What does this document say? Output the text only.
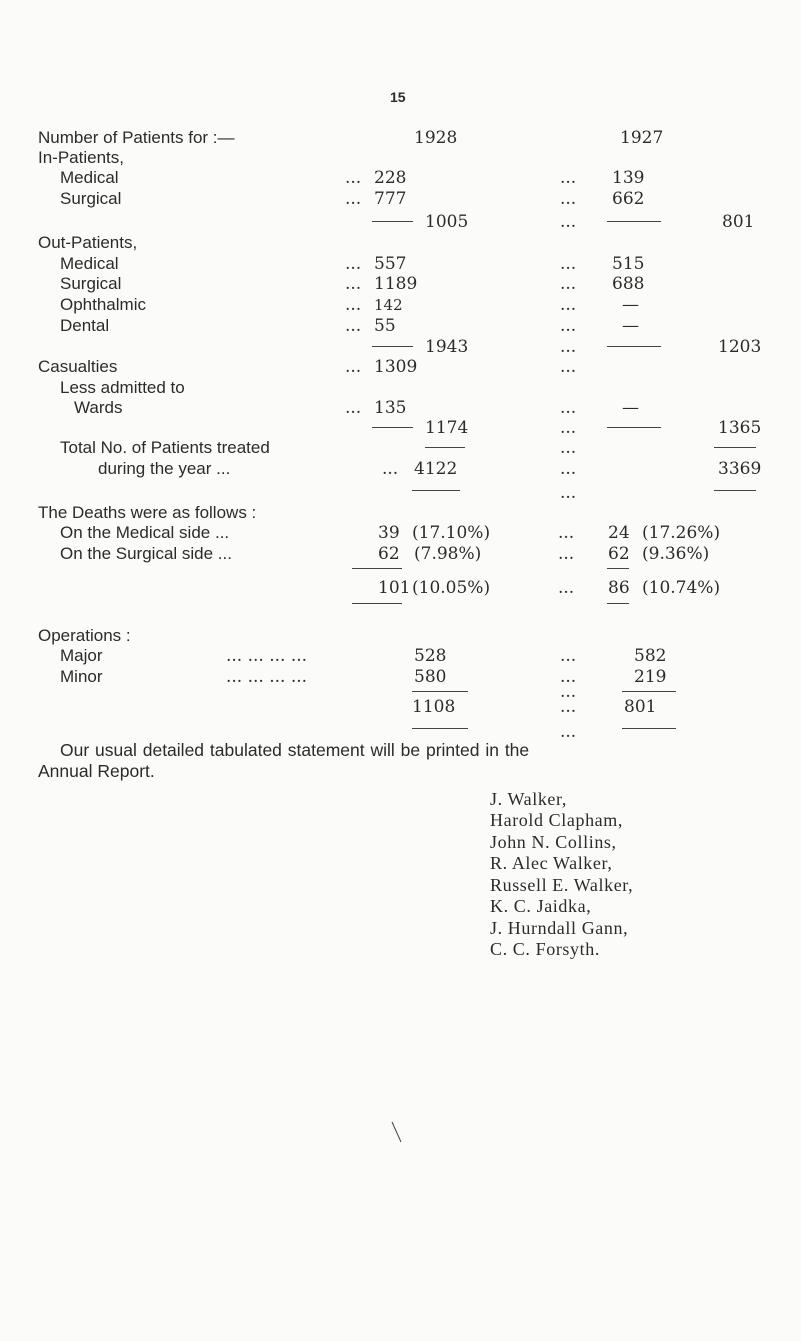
15
Number of Patients for :—	1928	1927
In-Patients,
Medical	... 228	... 139
Surgical	... 777	... 662
1005	...	801
Out-Patients,
Medical	... 557	... 515
Surgical	... 1189	... 688
Ophthalmic	... 142	...	—
Dental	... 55	...	—
1943	...	1203
Casualties	... 1309	...
Less admitted to
Wards	... 135	...	—
1174	...	1365
Total No. of Patients treated	...
during the year ...	... 4122	...	3369
...
The Deaths were as follows :
On the Medical side ...	39 (17.10%)	... 24 (17.26%)
On the Surgical side ...	62 (7.98%)	... 62 (9.36%)
101 (10.05%)	... 86 (10.74%)
Operations :
Major	... ... ... ...	528	...	582
Minor	... ... ... ...	580	...	219
...
1108	...	801
...
Our usual detailed tabulated statement will be printed in the
Annual Report.
J. Walker,
Harold Clapham,
John N. Collins,
R. Alec Walker,
Russell E. Walker,
K. C. Jaidka,
J. Hurndall Gann,
C. C. Forsyth.
